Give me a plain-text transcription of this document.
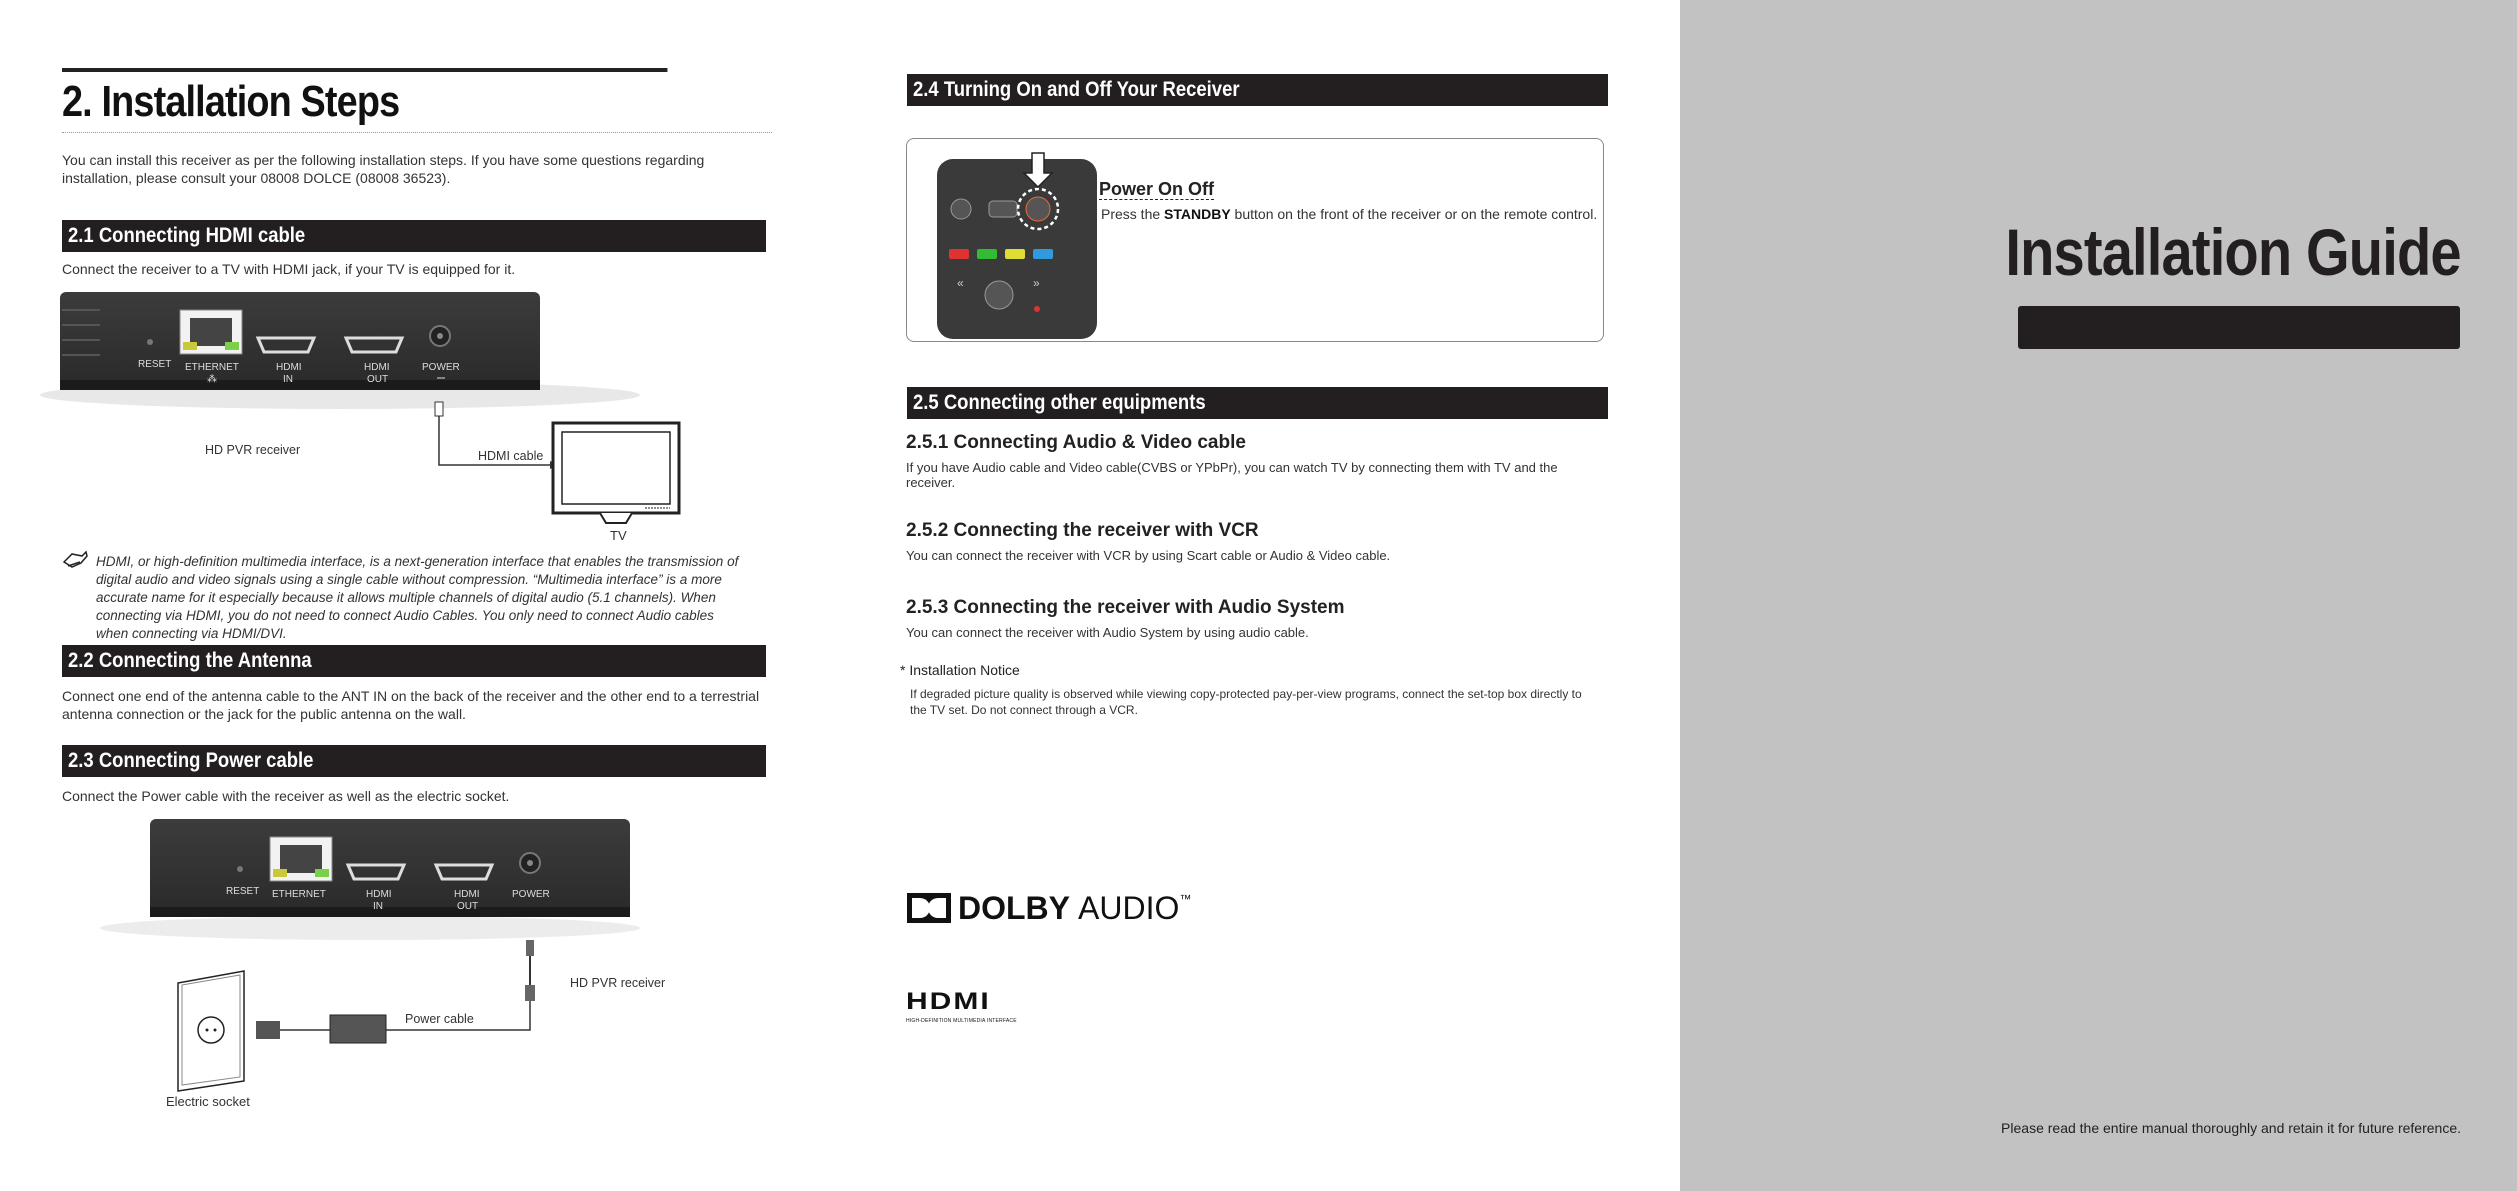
2. Installation Steps
You can install this receiver as per the following installation steps. If you have some questions regarding installation, please consult your 08008 DOLCE (08008 36523).
2.1 Connecting HDMI cable
Connect the receiver to a TV with HDMI jack, if your TV is equipped for it.
RESET ETHERNET
⁂
HDMI
IN
HDMI
OUT
POWER
HDMI cable
HD PVR receiver
TV
HDMI, or high-definition multimedia interface, is a next-generation interface that enables the transmission of digital audio and video signals using a single cable without compression. “Multimedia interface” is a more accurate name for it especially because it allows multiple channels of digital audio (5.1 channels). When connecting via HDMI, you do not need to connect Audio Cables. You only need to connect Audio cables when connecting via HDMI/DVI.
2.2 Connecting the Antenna
Connect one end of the antenna cable to the ANT IN on the back of the receiver and the other end to a terrestrial antenna connection or the jack for the public antenna on the wall.
2.3 Connecting Power cable
Connect the Power cable with the receiver as well as the electric socket.
RESET ETHERNET	HDMI
IN
HDMI
OUT
POWER
Power cable
HD PVR receiver
Electric socket
2.4 Turning On and Off Your Receiver
«	»
Power On Off
Press the STANDBY button on the front of the receiver or on the remote control.
2.5 Connecting other equipments
2.5.1 Connecting Audio & Video cable
If you have Audio cable and Video cable(CVBS or YPbPr), you can watch TV by connecting them with TV and the receiver.
2.5.2 Connecting the receiver with VCR
You can connect the receiver with VCR by using Scart cable or Audio & Video cable.
2.5.3 Connecting the receiver with Audio System
You can connect the receiver with Audio System by using audio cable.
* Installation Notice
If degraded picture quality is observed while viewing copy-protected pay-per-view programs, connect the set-top box directly to the TV set. Do not connect through a VCR.
DOLBY AUDIO ™
HDMI
HIGH-DEFINITION MULTIMEDIA INTERFACE
Installation Guide
Please read the entire manual thoroughly and retain it for future reference.
